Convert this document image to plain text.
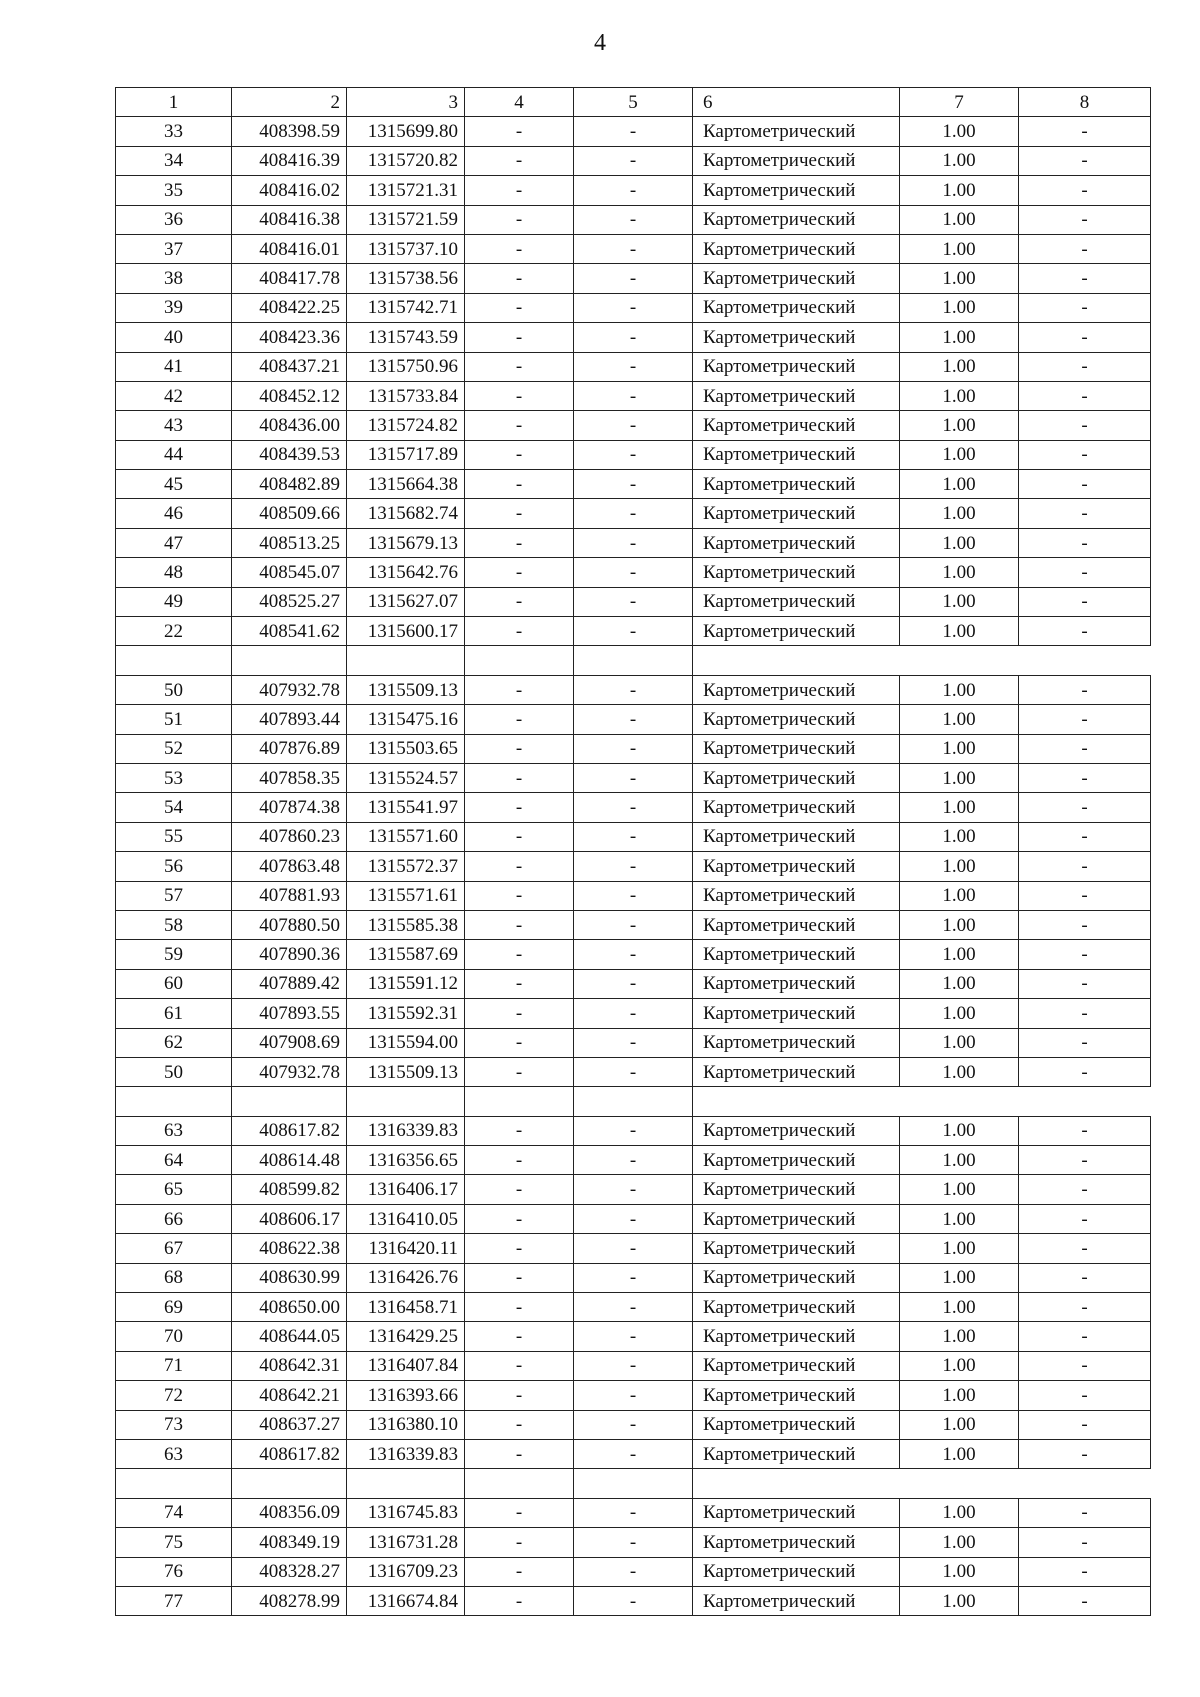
4
1	2	3	4	5	6	7	8
33	408398.59	1315699.80	-	-	Картометрический	1.00	-
34	408416.39	1315720.82	-	-	Картометрический	1.00	-
35	408416.02	1315721.31	-	-	Картометрический	1.00	-
36	408416.38	1315721.59	-	-	Картометрический	1.00	-
37	408416.01	1315737.10	-	-	Картометрический	1.00	-
38	408417.78	1315738.56	-	-	Картометрический	1.00	-
39	408422.25	1315742.71	-	-	Картометрический	1.00	-
40	408423.36	1315743.59	-	-	Картометрический	1.00	-
41	408437.21	1315750.96	-	-	Картометрический	1.00	-
42	408452.12	1315733.84	-	-	Картометрический	1.00	-
43	408436.00	1315724.82	-	-	Картометрический	1.00	-
44	408439.53	1315717.89	-	-	Картометрический	1.00	-
45	408482.89	1315664.38	-	-	Картометрический	1.00	-
46	408509.66	1315682.74	-	-	Картометрический	1.00	-
47	408513.25	1315679.13	-	-	Картометрический	1.00	-
48	408545.07	1315642.76	-	-	Картометрический	1.00	-
49	408525.27	1315627.07	-	-	Картометрический	1.00	-
22	408541.62	1315600.17	-	-	Картометрический	1.00	-

50	407932.78	1315509.13	-	-	Картометрический	1.00	-
51	407893.44	1315475.16	-	-	Картометрический	1.00	-
52	407876.89	1315503.65	-	-	Картометрический	1.00	-
53	407858.35	1315524.57	-	-	Картометрический	1.00	-
54	407874.38	1315541.97	-	-	Картометрический	1.00	-
55	407860.23	1315571.60	-	-	Картометрический	1.00	-
56	407863.48	1315572.37	-	-	Картометрический	1.00	-
57	407881.93	1315571.61	-	-	Картометрический	1.00	-
58	407880.50	1315585.38	-	-	Картометрический	1.00	-
59	407890.36	1315587.69	-	-	Картометрический	1.00	-
60	407889.42	1315591.12	-	-	Картометрический	1.00	-
61	407893.55	1315592.31	-	-	Картометрический	1.00	-
62	407908.69	1315594.00	-	-	Картометрический	1.00	-
50	407932.78	1315509.13	-	-	Картометрический	1.00	-

63	408617.82	1316339.83	-	-	Картометрический	1.00	-
64	408614.48	1316356.65	-	-	Картометрический	1.00	-
65	408599.82	1316406.17	-	-	Картометрический	1.00	-
66	408606.17	1316410.05	-	-	Картометрический	1.00	-
67	408622.38	1316420.11	-	-	Картометрический	1.00	-
68	408630.99	1316426.76	-	-	Картометрический	1.00	-
69	408650.00	1316458.71	-	-	Картометрический	1.00	-
70	408644.05	1316429.25	-	-	Картометрический	1.00	-
71	408642.31	1316407.84	-	-	Картометрический	1.00	-
72	408642.21	1316393.66	-	-	Картометрический	1.00	-
73	408637.27	1316380.10	-	-	Картометрический	1.00	-
63	408617.82	1316339.83	-	-	Картометрический	1.00	-

74	408356.09	1316745.83	-	-	Картометрический	1.00	-
75	408349.19	1316731.28	-	-	Картометрический	1.00	-
76	408328.27	1316709.23	-	-	Картометрический	1.00	-
77	408278.99	1316674.84	-	-	Картометрический	1.00	-
